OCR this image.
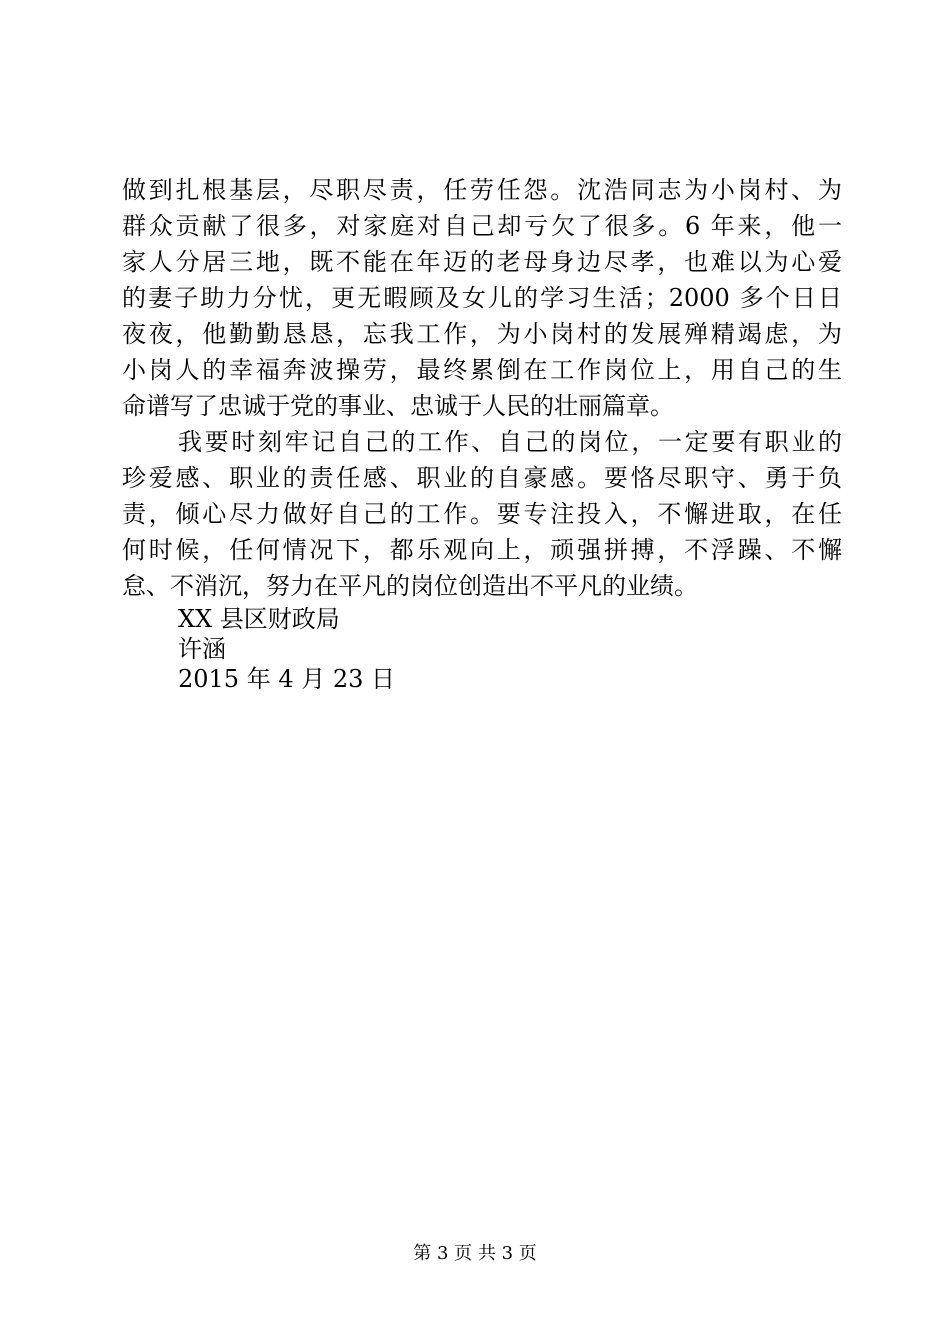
做到扎根基层，尽职尽责，任劳任怨。沈浩同志为小岗村、为
群众贡献了很多，对家庭对自己却亏欠了很多。6 年来，他一
家人分居三地，既不能在年迈的老母身边尽孝，也难以为心爱
的妻子助力分忧，更无暇顾及女儿的学习生活；2000 多个日日
夜夜，他勤勤恳恳，忘我工作，为小岗村的发展殚精竭虑，为
小岗人的幸福奔波操劳，最终累倒在工作岗位上，用自己的生
命谱写了忠诚于党的事业、忠诚于人民的壮丽篇章。
我要时刻牢记自己的工作、自己的岗位，一定要有职业的
珍爱感、职业的责任感、职业的自豪感。要恪尽职守、勇于负
责，倾心尽力做好自己的工作。要专注投入，不懈进取，在任
何时候，任何情况下，都乐观向上，顽强拼搏，不浮躁、不懈
怠、不消沉，努力在平凡的岗位创造出不平凡的业绩。
XX 县区财政局
许涵
2015 年 4 月 23 日
第 3 页 共 3 页
